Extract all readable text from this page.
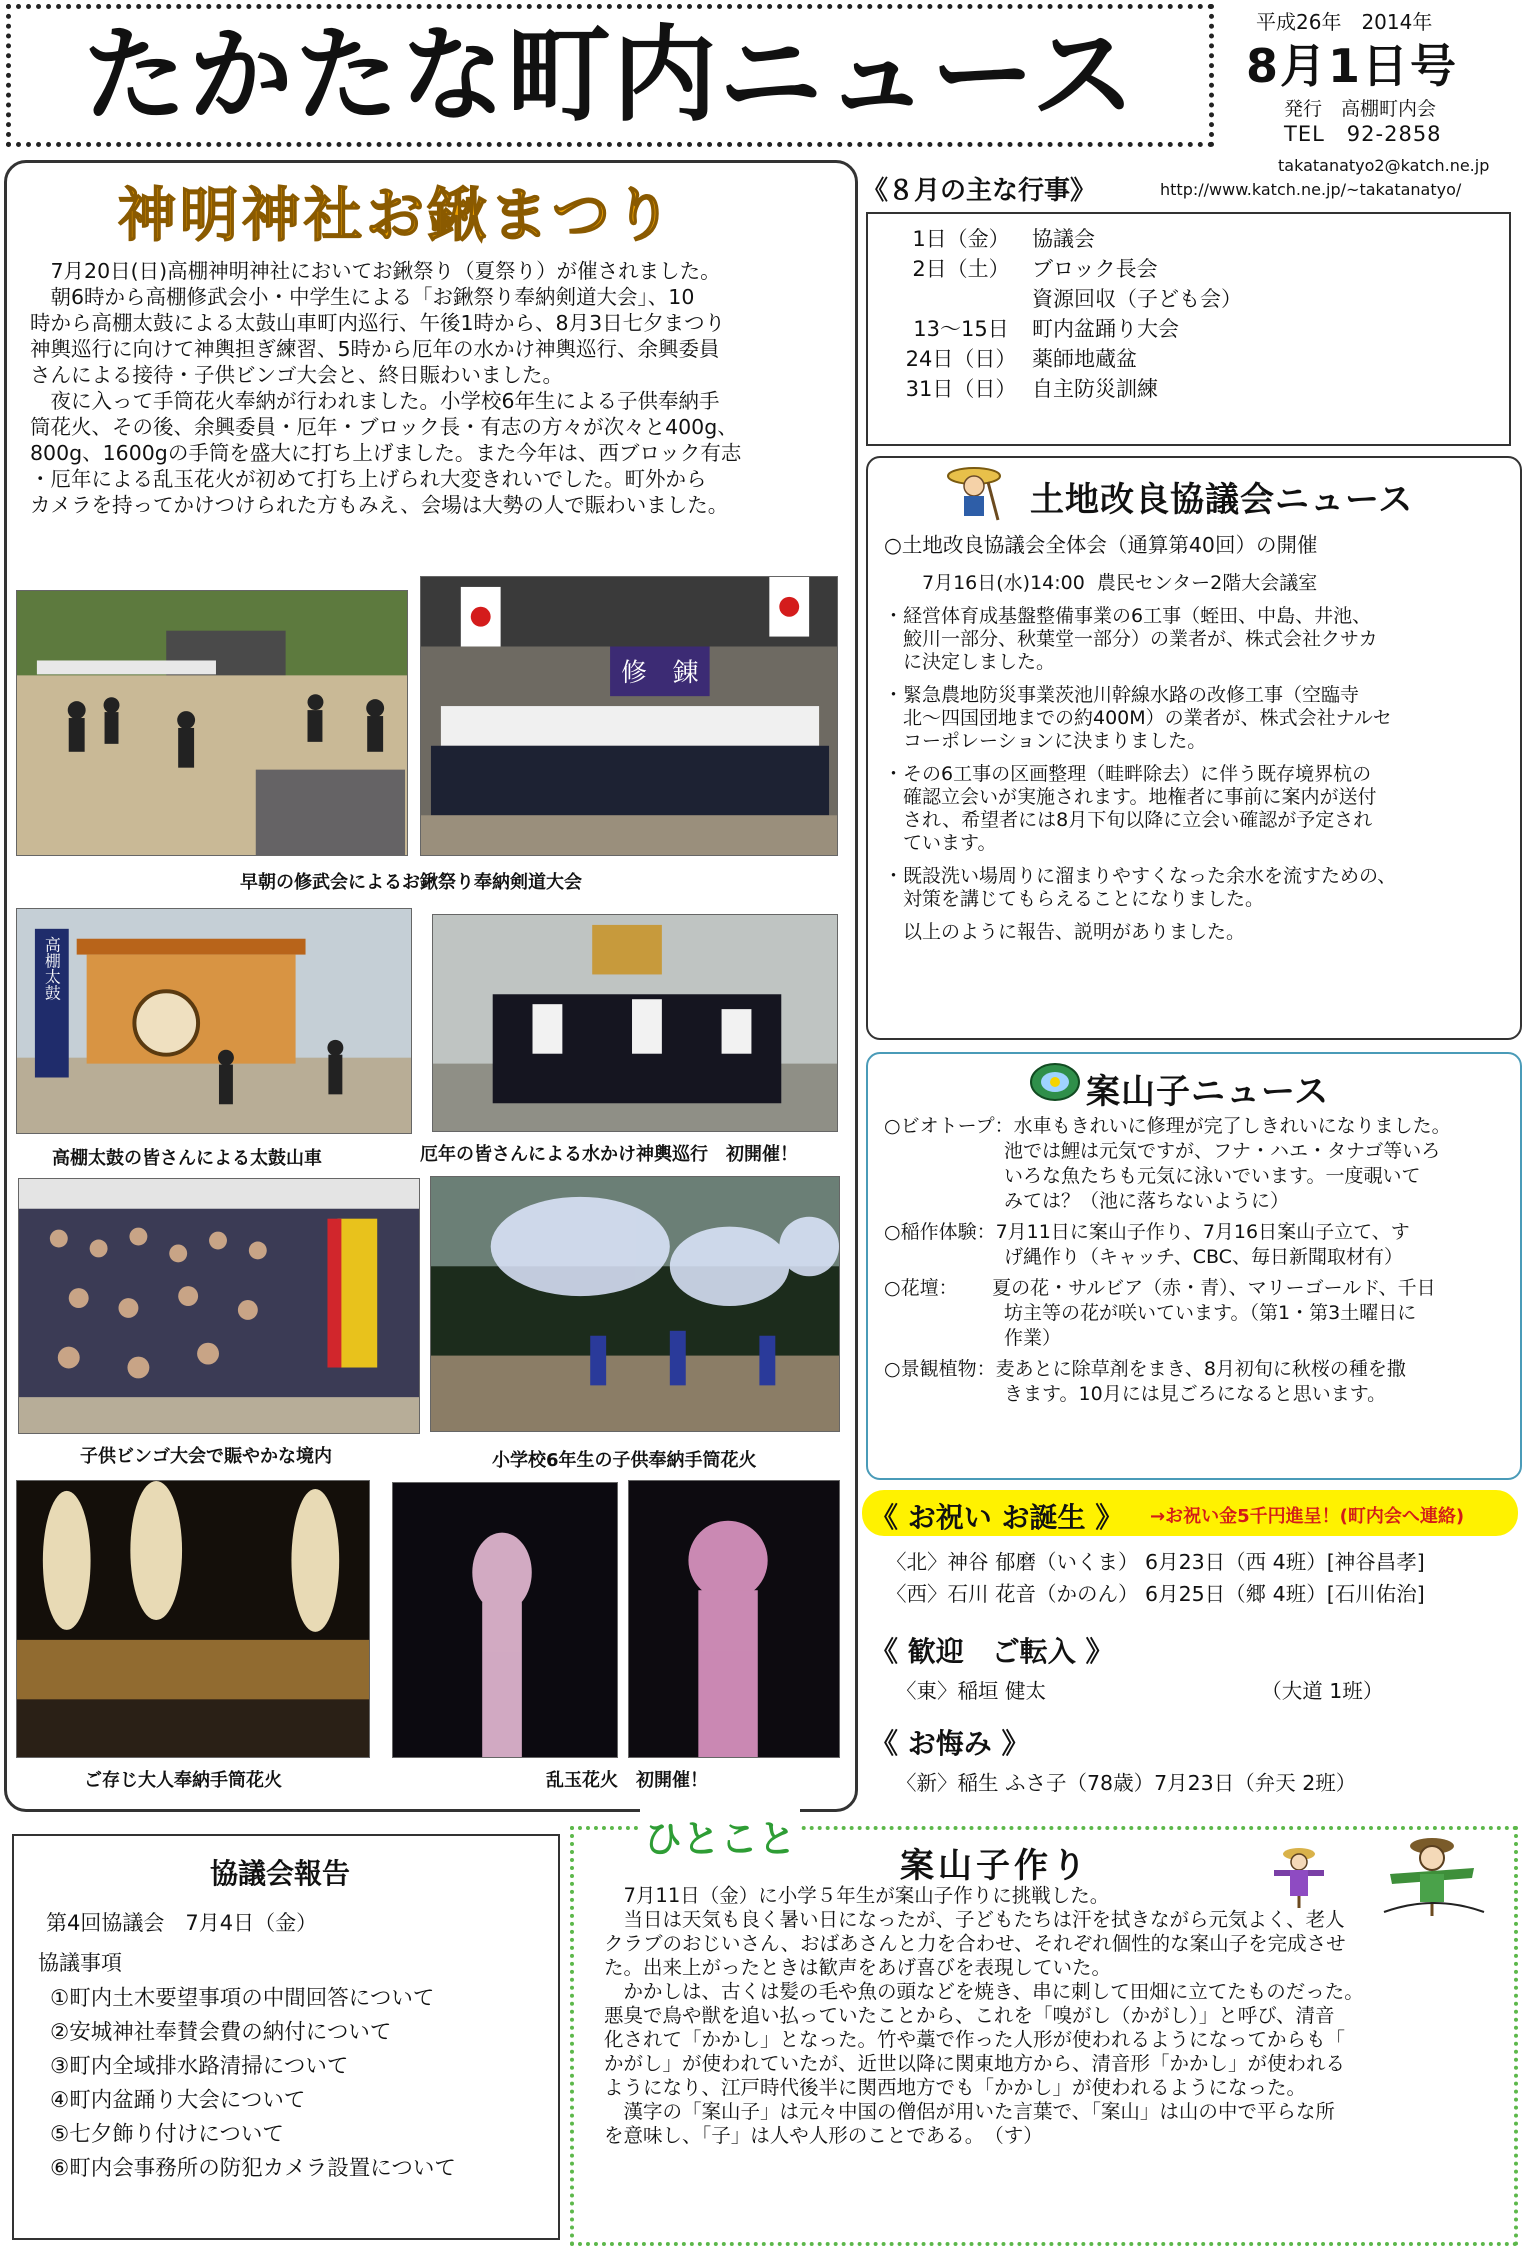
たかたな町内ニュース	平成26年　2014年
8月1日号
発行　高棚町内会
TEL　92-2858
takatanatyo2@katch.ne.jp
http://www.katch.ne.jp/~takatanatyo/
神明神社お鍬まつり
　7月20日(日)高棚神明神社においてお鍬祭り（夏祭り）が催されました。
　朝6時から高棚修武会小・中学生による「お鍬祭り奉納剣道大会」、10
時から高棚太鼓による太鼓山車町内巡行、午後1時から、8月3日七夕まつり
神輿巡行に向けて神輿担ぎ練習、5時から厄年の水かけ神輿巡行、余興委員
さんによる接待・子供ビンゴ大会と、終日賑わいました。
　夜に入って手筒花火奉納が行われました。小学校6年生による子供奉納手
筒花火、その後、余興委員・厄年・ブロック長・有志の方々が次々と400g、
800g、1600gの手筒を盛大に打ち上げました。また今年は、西ブロック有志
・厄年による乱玉花火が初めて打ち上げられ大変きれいでした。町外から
カメラを持ってかけつけられた方もみえ、会場は大勢の人で賑わいました。
修　錬
早朝の修武会によるお鍬祭り奉納剣道大会
高棚太鼓
高棚太鼓の皆さんによる太鼓山車	厄年の皆さんによる水かけ神輿巡行　初開催！
子供ビンゴ大会で賑やかな境内	小学校6年生の子供奉納手筒花火
ご存じ大人奉納手筒花火	乱玉花火　初開催！
《８月の主な行事》
1日（金）	協議会
2日（土）	ブロック長会
資源回収（子ども会）
13～15日	町内盆踊り大会
24日（日） 薬師地蔵盆
31日（日） 自主防災訓練
土地改良協議会ニュース
○土地改良協議会全体会（通算第40回）の開催
　　7月16日(水)14:00  農民センター2階大会議室
・経営体育成基盤整備事業の6工事（蛭田、中島、井池、
　鮫川一部分、秋葉堂一部分）の業者が、株式会社クサカ
　に決定しました。
・緊急農地防災事業茨池川幹線水路の改修工事（空臨寺
　北～四国団地までの約400M）の業者が、株式会社ナルセ
　コーポレーションに決まりました。
・その6工事の区画整理（畦畔除去）に伴う既存境界杭の
　確認立会いが実施されます。地権者に事前に案内が送付
　され、希望者には8月下旬以降に立会い確認が予定され
　ています。
・既設洗い場周りに溜まりやすくなった余水を流すための、
　対策を講じてもらえることになりました。
　以上のように報告、説明がありました。
案山子ニュース
○ビオトープ：水車もきれいに修理が完了しきれいになりました。
　　　　　　 池では鯉は元気ですが、フナ・ハエ・タナゴ等いろ
　　　　　　 いろな魚たちも元気に泳いでいます。一度覗いて
　　　　　　 みては？（池に落ちないように）
○稲作体験：7月11日に案山子作り、7月16日案山子立て、す
　　　　　　 げ縄作り（キャッチ、CBC、毎日新聞取材有）
○花壇：　　 夏の花・サルビア（赤・青）、マリーゴールド、千日
　　　　　　 坊主等の花が咲いています。（第1・第3土曜日に
　　　　　　 作業）
○景観植物：麦あとに除草剤をまき、8月初旬に秋桜の種を撒
　　　　　　 きます。10月には見ごろになると思います。
《 お祝い お誕生 》 →お祝い金5千円進呈！(町内会へ連絡)
〈北〉神谷 郁磨（いくま） 6月23日（西 4班）[神谷昌孝]
〈西〉石川 花音（かのん） 6月25日（郷 4班）[石川佑治]
《 歓迎　ご転入 》
〈東〉稲垣 健太　　　　　　　　　　　（大道 1班）
《 お悔み 》
〈新〉稲生 ふさ子（78歳）7月23日（弁天 2班）
協議会報告
第4回協議会　7月4日（金）
協議事項
①町内土木要望事項の中間回答について
②安城神社奉賛会費の納付について
③町内全域排水路清掃について
④町内盆踊り大会について
⑤七夕飾り付けについて
⑥町内会事務所の防犯カメラ設置について
ひとこと
案山子作り
　7月11日（金）に小学５年生が案山子作りに挑戦した。
　当日は天気も良く暑い日になったが、子どもたちは汗を拭きながら元気よく、老人
クラブのおじいさん、おばあさんと力を合わせ、それぞれ個性的な案山子を完成させ
た。出来上がったときは歓声をあげ喜びを表現していた。
　かかしは、古くは髪の毛や魚の頭などを焼き、串に刺して田畑に立てたものだった。
悪臭で鳥や獣を追い払っていたことから、これを「嗅がし（かがし）」と呼び、清音
化されて「かかし」となった。竹や藁で作った人形が使われるようになってからも「
かがし」が使われていたが、近世以降に関東地方から、清音形「かかし」が使われる
ようになり、江戸時代後半に関西地方でも「かかし」が使われるようになった。
　漢字の「案山子」は元々中国の僧侶が用いた言葉で、「案山」は山の中で平らな所
を意味し、「子」は人や人形のことである。　（す）
